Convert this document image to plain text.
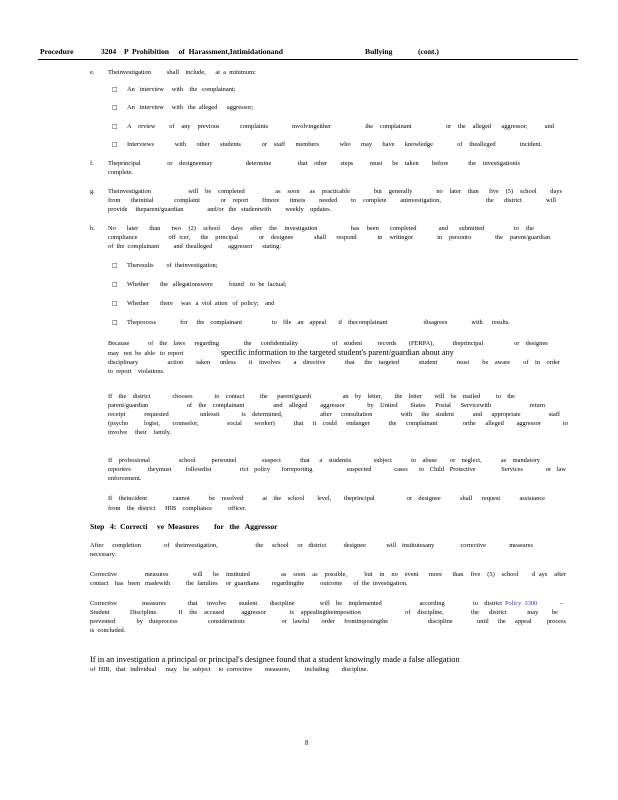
Procedure

	3204

P  Prohibition     of  Harassment,Intimidationand

	Bullying

	(cont.)

e. Theinvestigation          shall    include,      at  a  minimum:
□ An   interview     with    the   complainant;
□ An   interview     with   the  alleged      aggressor;
□ A  review    of  any  previous      complaints       involvingeither          the  complainant          or  the  alleged   aggressor;     and
□ Interviews      with   other   students      or  staff   members      who   may   have   knowledge       of  thealleged       incident.
f. Theprincipal        or  designeemay          determine        that  other    steps     must   be  taken    before      the  investigationis
complete.
g. Theinvestigation           will  be  completed         as  soon   as  practicable       but  generally       no  later  than   five  (5)  school    days
from   theinitial      complaint      or  report    Ifmore   timeis    needed    to  complete    aninvestigation,             the   district       will
provide     theparent/guardian               and/or   the   studentwith         weekly    updates.
h. No   later   than   two  (2)  school   days  after  the  investigation         has  been   completed      and   submitted        to  the
compliance         off icer,   the  principal      or  designee      shall   respond      in  writingor       in  personto       the  parent/guardian
of  the  complainant         and  thealleged          aggressor      stating:
□ Theresults        of  theinvestigation;
□ Whether       the   allegationswere          found    to  be  factual;
□ Whether       there     was   a  viol  ation   of  policy;    and
□ Theprocess        for   the  complainant          to  file  an  appeal    if  thecomplainant            disagrees        with   results.
Because      of  the  laws   regarding        the   confidentiality           of  student     records    (FERPA),      theprincipal          or  designee
may   not  be  able   to  report	specific information to the targeted student's parent/guardian about any
disciplinary         action    taken   unless    it  involves    a  directive      that   the  targeted      student      must    be  aware    of  in  order
to  report    violations.
If  the  district       chooses       to  contact     the   parent/guardi          an  by  letter,    the  letter    will  be  mailed     to  the
parent/guardian            of  the  complainant         and  alleged    aggressor       by  United    States   Postal   Servicewith            return
receipt      requested          unlessit       is  determined,            after   consultation         with   the  student      and   appropriate         staff
(psycho     logist,    counselor,         social    worker)      that   it  could   endanger      the   complainant        orthe   alleged    aggressor       to
involve     their    family.
If  professional         school     personnel        suspect      that   a  studentis       subject      to  abuse    or  neglect,      as  mandatory
reporters      theymust     followdist          rict  policy    forreporting            suspected        cases    to  Child  Protective         Services        or  law
enforcement.
If  theincident        cannot      be  resolved      at  the  school    level,    theprincipal          or  designee      shall   request      assistance
from    the  district      HIB    compliance          officer.
Step   4:  Correcti     ve  Measures        for   the   Aggressor
After   completion        of  theinvestigation,             the   school   or  district      designee       will  institutesany         corrective        measures
necessary.
Corrective        measures       will   be  instituted         as  soon  as  possible,     but  in  no  event   more   than  five  (5)  school    d ays  after
contact    has   been   madewith          the  families     or  guardians        regardingthe          outcome       of  the  investigation.
Corrective        measures       that   involve    student    discipline        will  be  implemented            according         to  district Policy  3300	–
Student      Discipline.      If  the  accused     aggressor       is  appealingtheimposition             of  discipline,        the   district      may    be
prevented       by  dueprocess          considerations            or  lawful    order   fromimposingthe             discipline        until   the   appeal     process
is  concluded.
If in an investigation a principal or principal's designee found that a student knowingly made a false allegation
of  HIB,   that   individual      may    be  subject     to  corrective        measures,         including        discipline.
8
